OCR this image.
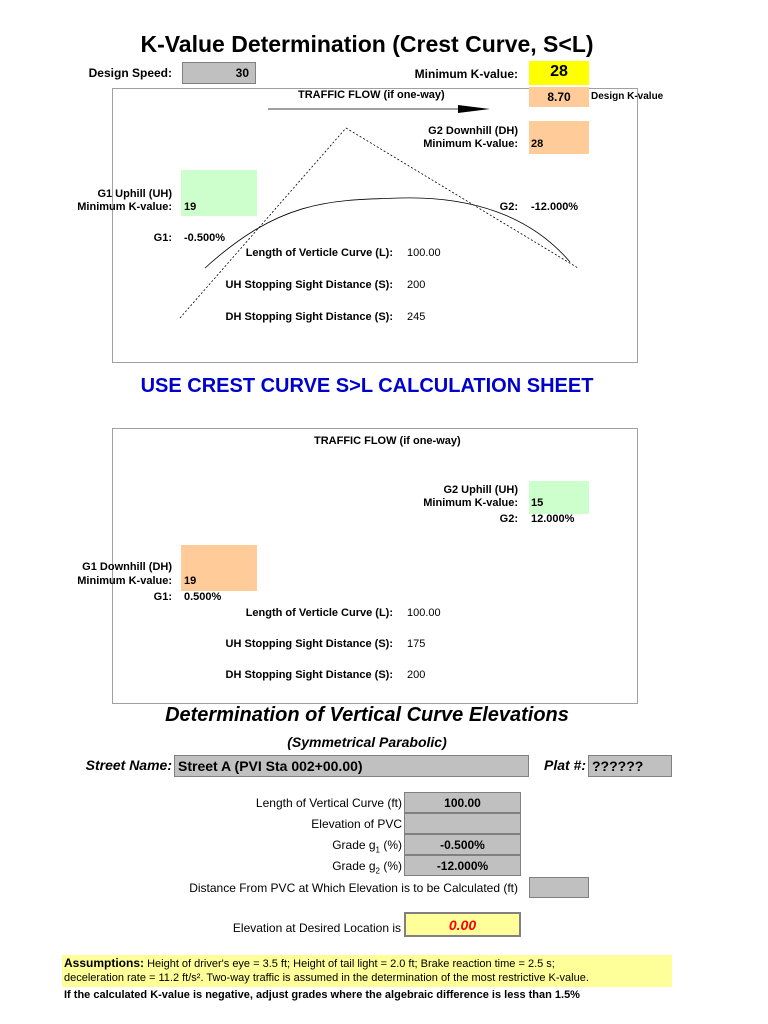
K-Value Determination (Crest Curve, S<L)
Design Speed:	30	Minimum K-value:	28
8.70	Design K-value
TRAFFIC FLOW (if one-way)
G2 Downhill (DH)
Minimum K-value: 28
G1 Uphill (UH)
Minimum K-value: 19	G2: -12.000%
G1: -0.500%
Length of Verticle Curve (L): 100.00
UH Stopping Sight Distance (S): 200
DH Stopping Sight Distance (S): 245
USE CREST CURVE S>L CALCULATION SHEET
TRAFFIC FLOW (if one-way)
G2 Uphill (UH)
Minimum K-value: 15
G2: 12.000%
G1 Downhill (DH)
Minimum K-value: 19
G1: 0.500%
Length of Verticle Curve (L): 100.00
UH Stopping Sight Distance (S): 175
DH Stopping Sight Distance (S): 200
Determination of Vertical Curve Elevations
(Symmetrical Parabolic)
Street Name: Street A (PVI Sta 002+00.00)	Plat #: ??????
Length of Vertical Curve (ft)	100.00
Elevation of PVC
Grade $g_1$ (%)	-0.500%
Grade $g_2$ (%)	-12.000%
Distance From PVC at Which Elevation is to be Calculated (ft)
Elevation at Desired Location is	0.00
Assumptions: Height of driver's eye = 3.5 ft; Height of tail light = 2.0 ft; Brake reaction time = 2.5 s;
deceleration rate = 11.2 ft/s². Two-way traffic is assumed in the determination of the most restrictive K-value.
If the calculated K-value is negative, adjust grades where the algebraic difference is less than 1.5%
